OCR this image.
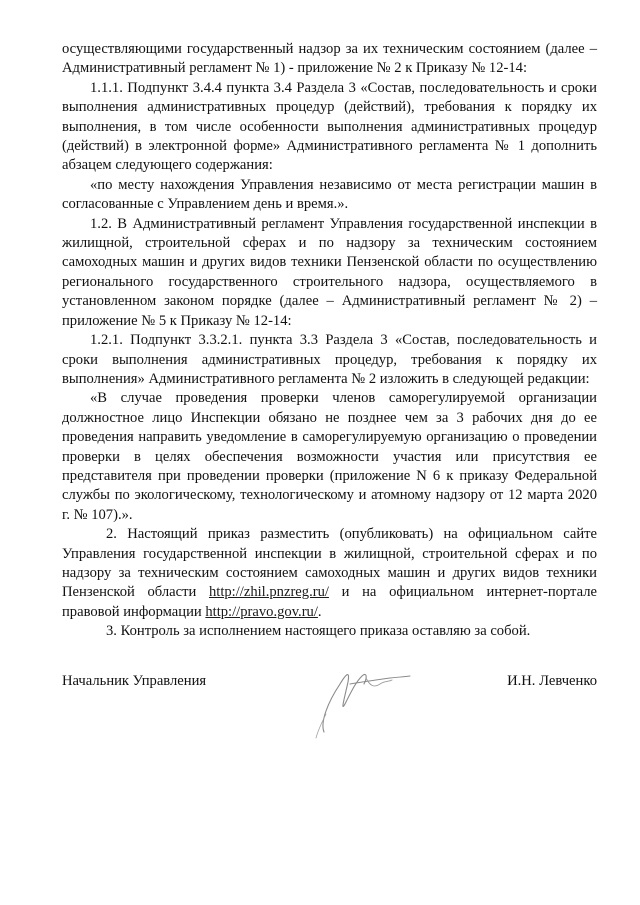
осуществляющими государственный надзор за их техническим состоянием (далее – Административный регламент № 1) - приложение № 2 к Приказу № 12-14:

1.1.1. Подпункт 3.4.4 пункта 3.4 Раздела 3 «Состав, последовательность и сроки выполнения административных процедур (действий), требования к порядку их выполнения, в том числе особенности выполнения административных процедур (действий) в электронной форме» Административного регламента № 1 дополнить абзацем следующего содержания:

«по месту нахождения Управления независимо от места регистрации машин в согласованные с Управлением день и время.».

1.2. В Административный регламент Управления государственной инспекции в жилищной, строительной сферах и по надзору за техническим состоянием самоходных машин и других видов техники Пензенской области по осуществлению регионального государственного строительного надзора, осуществляемого в установленном законом порядке (далее – Административный регламент № 2) – приложение № 5 к Приказу № 12-14:

1.2.1. Подпункт 3.3.2.1. пункта 3.3 Раздела 3 «Состав, последовательность и сроки выполнения административных процедур, требования к порядку их выполнения» Административного регламента № 2 изложить в следующей редакции:

«В случае проведения проверки членов саморегулируемой организации должностное лицо Инспекции обязано не позднее чем за 3 рабочих дня до ее проведения направить уведомление в саморегулируемую организацию о проведении проверки в целях обеспечения возможности участия или присутствия ее представителя при проведении проверки (приложение N 6 к приказу Федеральной службы по экологическому, технологическому и атомному надзору от 12 марта 2020 г. № 107).».

2. Настоящий приказ разместить (опубликовать) на официальном сайте Управления государственной инспекции в жилищной, строительной сферах и по надзору за техническим состоянием самоходных машин и других видов техники Пензенской области http://zhil.pnzreg.ru/ и на официальном интернет-портале правовой информации http://pravo.gov.ru/.

3. Контроль за исполнением настоящего приказа оставляю за собой.

Начальник Управления	И.Н. Левченко
